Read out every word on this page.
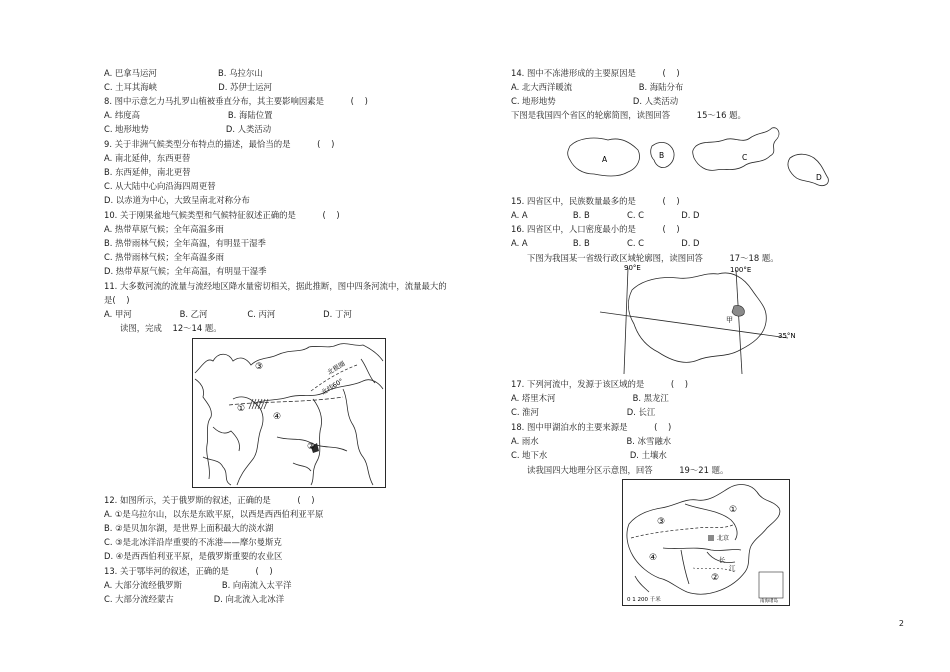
A. 巴拿马运河                       B. 乌拉尔山
C. 土耳其海峡                       D. 苏伊士运河
8. 图中示意乞力马扎罗山植被垂直分布，其主要影响因素是          (    )
A. 纬度高                                 B. 海陆位置
C. 地形地势                             D. 人类活动
9. 关于非洲气候类型分布特点的描述，最恰当的是          (    )
A. 南北延伸，东西更替
B. 东西延伸，南北更替
C. 从大陆中心向沿海四周更替
D. 以赤道为中心，大致呈南北对称分布
10. 关于刚果盆地气候类型和气候特征叙述正确的是          (    )
A. 热带草原气候；全年高温多雨
B. 热带雨林气候；全年高温，有明显干湿季
C. 热带雨林气候；全年高温多雨
D. 热带草原气候；全年高温，有明显干湿季
11. 大多数河流的流量与流经地区降水量密切相关，据此推断，图中四条河流中，流量最大的
是(    )
A. 甲河                  B. 乙河               C. 丙河                  D. 丁河
读图，完成    12～14 题。
③
①
④
②
北纬60°
北极圈
12. 如图所示，关于俄罗斯的叙述，正确的是          (    )
A. ①是乌拉尔山，以东是东欧平原，以西是西西伯利亚平原
B. ②是贝加尔湖，是世界上面积最大的淡水湖
C. ③是北冰洋沿岸重要的不冻港——摩尔曼斯克
D. ④是西西伯利亚平原，是俄罗斯重要的农业区
13. 关于鄂毕河的叙述，正确的是          (    )
A. 大部分流经俄罗斯               B. 向南流入太平洋
C. 大部分流经蒙古               D. 向北流入北冰洋
14. 图中不冻港形成的主要原因是          (    )
A. 北大西洋暖流                         B. 海陆分布
C. 地形地势                             D. 人类活动
下图是我国四个省区的轮廓简图，读图回答          15～16 题。
A	B	C
D
15. 四省区中，民族数量最多的是          (    )
A. A                 B. B              C. C              D. D
16. 四省区中，人口密度最小的是          (    )
A. A                 B. B              C. C              D. D
下图为我国某一省级行政区域轮廓图，读图回答          17～18 题。
90°E	100°E
35°N
甲
17. 下列河流中，发源于该区域的是          (    )
A. 塔里木河                             B. 黑龙江
C. 淮河                                 D. 长江
18. 图中甲湖泊水的主要来源是          (    )
A. 雨水                                 B. 冰雪融水
C. 地下水                               D. 土壤水
读我国四大地理分区示意图，回答          19～21 题。
③
④
①
②
北京
长
江
0 1 200 千米	南海诸岛
2
